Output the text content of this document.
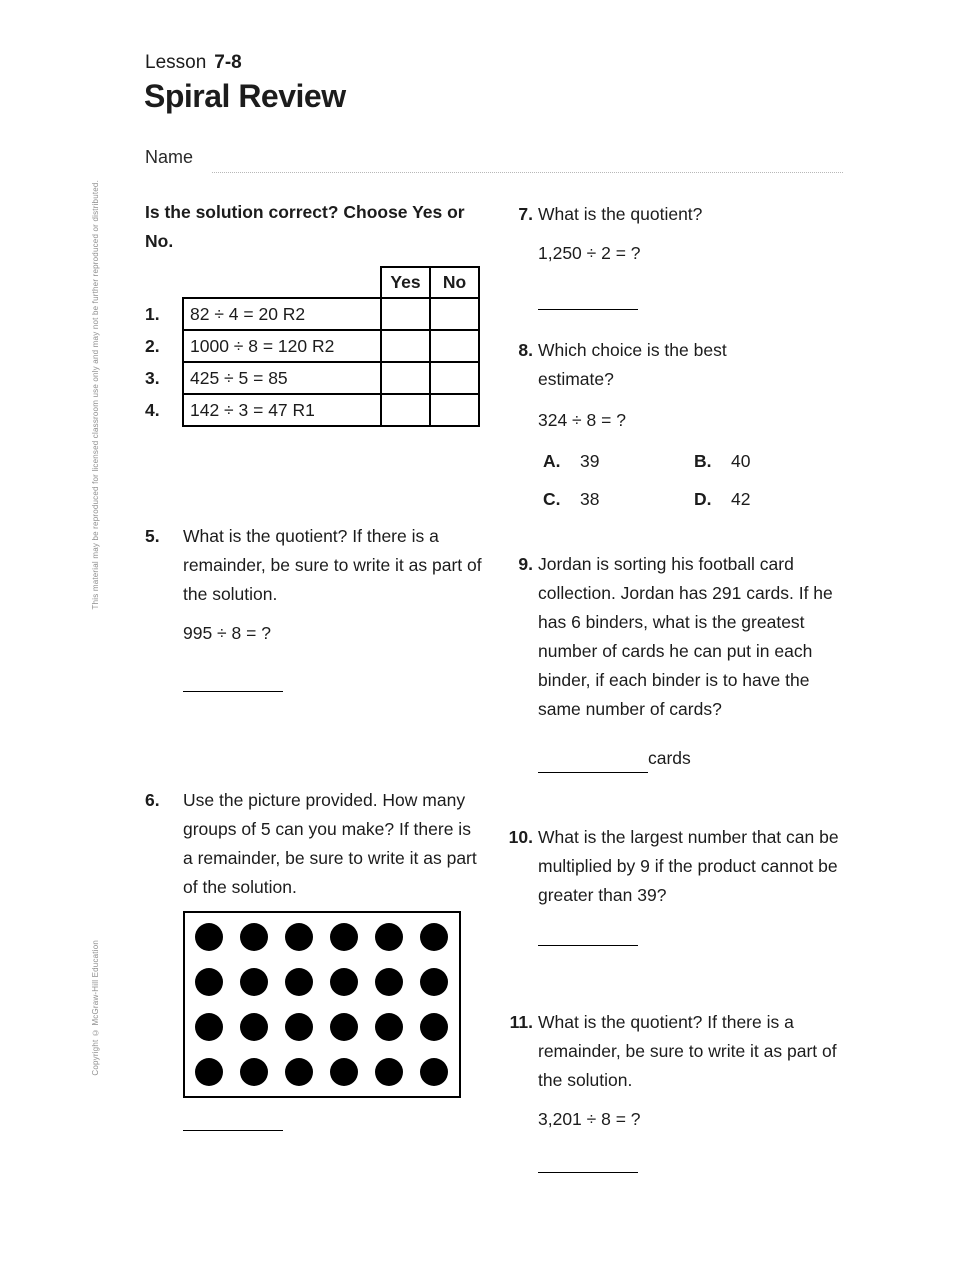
This material may be reproduced for licensed classroom use only and may not be further reproduced or distributed.
Copyright © McGraw-Hill Education
Lesson 7-8
Spiral Review
Name
Is the solution correct? Choose Yes or No.
		Yes	No
1.	82 ÷ 4 = 20 R2		
2.	1000 ÷ 8 = 120 R2		
3.	425 ÷ 5 = 85		
4.	142 ÷ 3 = 47 R1		
5.	What is the quotient? If there is a remainder, be sure to write it as part of the solution.
995 ÷ 8 = ?
6.	Use the picture provided. How many groups of 5 can you make? If there is a remainder, be sure to write it as part of the solution.
7. What is the quotient?
1,250 ÷ 2 = ?
8. Which choice is the best estimate?
324 ÷ 8 = ?
A.	39	B.	40
C.	38	D.	42
9. Jordan is sorting his football card collection. Jordan has 291 cards. If he has 6 binders, what is the greatest number of cards he can put in each binder, if each binder is to have the same number of cards?
cards
10. What is the largest number that can be multiplied by 9 if the product cannot be greater than 39?
11. What is the quotient? If there is a remainder, be sure to write it as part of the solution.
3,201 ÷ 8 = ?
